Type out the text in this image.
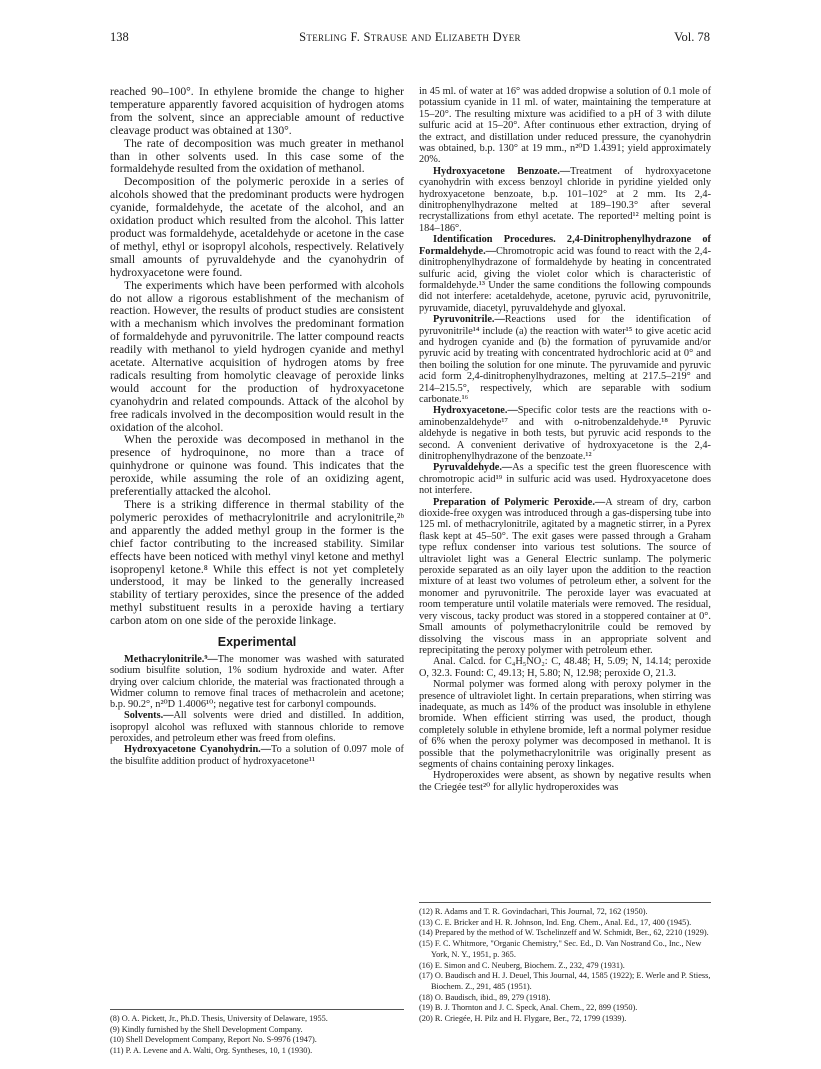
138	Sterling F. Strause and Elizabeth Dyer	Vol. 78

reached 90–100°. In ethylene bromide the change to higher temperature apparently favored acquisition of hydrogen atoms from the solvent, since an appreciable amount of reductive cleavage product was obtained at 130°.

The rate of decomposition was much greater in methanol than in other solvents used. In this case some of the formaldehyde resulted from the oxidation of methanol.

Decomposition of the polymeric peroxide in a series of alcohols showed that the predominant products were hydrogen cyanide, formaldehyde, the acetate of the alcohol, and an oxidation product which resulted from the alcohol. This latter product was formaldehyde, acetaldehyde or acetone in the case of methyl, ethyl or isopropyl alcohols, respectively. Relatively small amounts of pyruvaldehyde and the cyanohydrin of hydroxyacetone were found.

The experiments which have been performed with alcohols do not allow a rigorous establishment of the mechanism of reaction. However, the results of product studies are consistent with a mechanism which involves the predominant formation of formaldehyde and pyruvonitrile. The latter compound reacts readily with methanol to yield hydrogen cyanide and methyl acetate. Alternative acquisition of hydrogen atoms by free radicals resulting from homolytic cleavage of peroxide links would account for the production of hydroxyacetone cyanohydrin and related compounds. Attack of the alcohol by free radicals involved in the decomposition would result in the oxidation of the alcohol.

When the peroxide was decomposed in methanol in the presence of hydroquinone, no more than a trace of quinhydrone or quinone was found. This indicates that the peroxide, while assuming the role of an oxidizing agent, preferentially attacked the alcohol.

There is a striking difference in thermal stability of the polymeric peroxides of methacrylonitrile and acrylonitrile,²ᵇ and apparently the added methyl group in the former is the chief factor contributing to the increased stability. Similar effects have been noticed with methyl vinyl ketone and methyl isopropenyl ketone.⁸ While this effect is not yet completely understood, it may be linked to the generally increased stability of tertiary peroxides, since the presence of the added methyl substituent results in a peroxide having a tertiary carbon atom on one side of the peroxide linkage.

Experimental

Methacrylonitrile.⁹—The monomer was washed with saturated sodium bisulfite solution, 1% sodium hydroxide and water. After drying over calcium chloride, the material was fractionated through a Widmer column to remove final traces of methacrolein and acetone; b.p. 90.2°, n²⁰D 1.4006¹⁰; negative test for carbonyl compounds.

Solvents.—All solvents were dried and distilled. In addition, isopropyl alcohol was refluxed with stannous chloride to remove peroxides, and petroleum ether was freed from olefins.

Hydroxyacetone Cyanohydrin.—To a solution of 0.097 mole of the bisulfite addition product of hydroxyacetone¹¹

in 45 ml. of water at 16° was added dropwise a solution of 0.1 mole of potassium cyanide in 11 ml. of water, maintaining the temperature at 15–20°. The resulting mixture was acidified to a pH of 3 with dilute sulfuric acid at 15–20°. After continuous ether extraction, drying of the extract, and distillation under reduced pressure, the cyanohydrin was obtained, b.p. 130° at 19 mm., n²⁰D 1.4391; yield approximately 20%.

Hydroxyacetone Benzoate.—Treatment of hydroxyacetone cyanohydrin with excess benzoyl chloride in pyridine yielded only hydroxyacetone benzoate, b.p. 101–102° at 2 mm. Its 2,4-dinitrophenylhydrazone melted at 189–190.3° after several recrystallizations from ethyl acetate. The reported¹² melting point is 184–186°.

Identification Procedures. 2,4-Dinitrophenylhydrazone of Formaldehyde.—Chromotropic acid was found to react with the 2,4-dinitrophenylhydrazone of formaldehyde by heating in concentrated sulfuric acid, giving the violet color which is characteristic of formaldehyde.¹³ Under the same conditions the following compounds did not interfere: acetaldehyde, acetone, pyruvic acid, pyruvonitrile, pyruvamide, diacetyl, pyruvaldehyde and glyoxal.

Pyruvonitrile.—Reactions used for the identification of pyruvonitrile¹⁴ include (a) the reaction with water¹⁵ to give acetic acid and hydrogen cyanide and (b) the formation of pyruvamide and/or pyruvic acid by treating with concentrated hydrochloric acid at 0° and then boiling the solution for one minute. The pyruvamide and pyruvic acid form 2,4-dinitrophenylhydrazones, melting at 217.5–219° and 214–215.5°, respectively, which are separable with sodium carbonate.¹⁶

Hydroxyacetone.—Specific color tests are the reactions with o-aminobenzaldehyde¹⁷ and with o-nitrobenzaldehyde.¹⁸ Pyruvic aldehyde is negative in both tests, but pyruvic acid responds to the second. A convenient derivative of hydroxyacetone is the 2,4-dinitrophenylhydrazone of the benzoate.¹²

Pyruvaldehyde.—As a specific test the green fluorescence with chromotropic acid¹⁹ in sulfuric acid was used. Hydroxyacetone does not interfere.

Preparation of Polymeric Peroxide.—A stream of dry, carbon dioxide-free oxygen was introduced through a gas-dispersing tube into 125 ml. of methacrylonitrile, agitated by a magnetic stirrer, in a Pyrex flask kept at 45–50°. The exit gases were passed through a Graham type reflux condenser into various test solutions. The source of ultraviolet light was a General Electric sunlamp. The polymeric peroxide separated as an oily layer upon the addition to the reaction mixture of at least two volumes of petroleum ether, a solvent for the monomer and pyruvonitrile. The peroxide layer was evacuated at room temperature until volatile materials were removed. The residual, very viscous, tacky product was stored in a stoppered container at 0°. Small amounts of polymethacrylonitrile could be removed by dissolving the viscous mass in an appropriate solvent and reprecipitating the peroxy polymer with petroleum ether.

Anal. Calcd. for C₄H₅NO₂: C, 48.48; H, 5.09; N, 14.14; peroxide O, 32.3. Found: C, 49.13; H, 5.80; N, 12.98; peroxide O, 21.3.

Normal polymer was formed along with peroxy polymer in the presence of ultraviolet light. In certain preparations, when stirring was inadequate, as much as 14% of the product was insoluble in ethylene bromide. When efficient stirring was used, the product, though completely soluble in ethylene bromide, left a normal polymer residue of 6% when the peroxy polymer was decomposed in methanol. It is possible that the polymethacrylonitrile was originally present as segments of chains containing peroxy linkages.

Hydroperoxides were absent, as shown by negative results when the Criegée test²⁰ for allylic hydroperoxides was

(8) O. A. Pickett, Jr., Ph.D. Thesis, University of Delaware, 1955.
(9) Kindly furnished by the Shell Development Company.
(10) Shell Development Company, Report No. S-9976 (1947).
(11) P. A. Levene and A. Walti, Org. Syntheses, 10, 1 (1930).
(12) R. Adams and T. R. Govindachari, This Journal, 72, 162 (1950).
(13) C. E. Bricker and H. R. Johnson, Ind. Eng. Chem., Anal. Ed., 17, 400 (1945).
(14) Prepared by the method of W. Tschelinzeff and W. Schmidt, Ber., 62, 2210 (1929).
(15) F. C. Whitmore, "Organic Chemistry," Sec. Ed., D. Van Nostrand Co., Inc., New York, N. Y., 1951, p. 365.
(16) E. Simon and C. Neuberg, Biochem. Z., 232, 479 (1931).
(17) O. Baudisch and H. J. Deuel, This Journal, 44, 1585 (1922); E. Werle and P. Stiess, Biochem. Z., 291, 485 (1951).
(18) O. Baudisch, ibid., 89, 279 (1918).
(19) B. J. Thornton and J. C. Speck, Anal. Chem., 22, 899 (1950).
(20) R. Criegée, H. Pilz and H. Flygare, Ber., 72, 1799 (1939).
